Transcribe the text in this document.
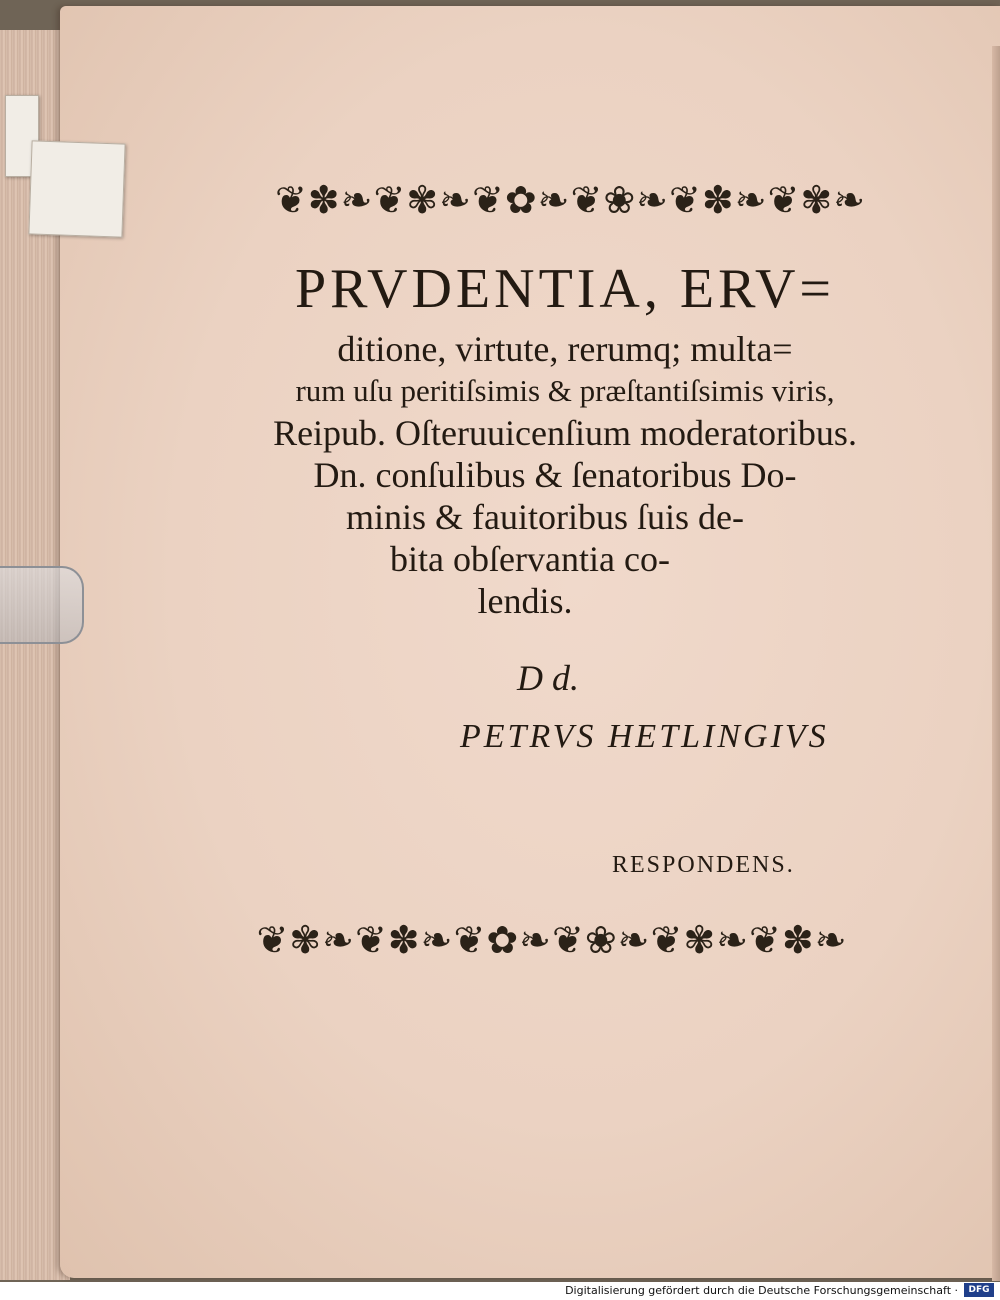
❦✽❧❦✾❧❦✿❧❦❀❧❦✽❧❦✾❧

PRVDENTIA, ERV=

ditione, virtute, rerumq; multa=

rum uſu peritiſsimis & præſtantiſsimis viris,

Reipub. Oſteruuicenſium moderatoribus.

Dn. conſulibus & ſenatoribus Do-

minis & fauitoribus ſuis de-

bita obſervantia co-

lendis.

D d.
PETRVS HETLINGIVS
RESPONDENS.
❦✾❧❦✽❧❦✿❧❦❀❧❦✾❧❦✽❧
Digitalisierung gefördert durch die Deutsche Forschungsgemeinschaft ·	DFG
